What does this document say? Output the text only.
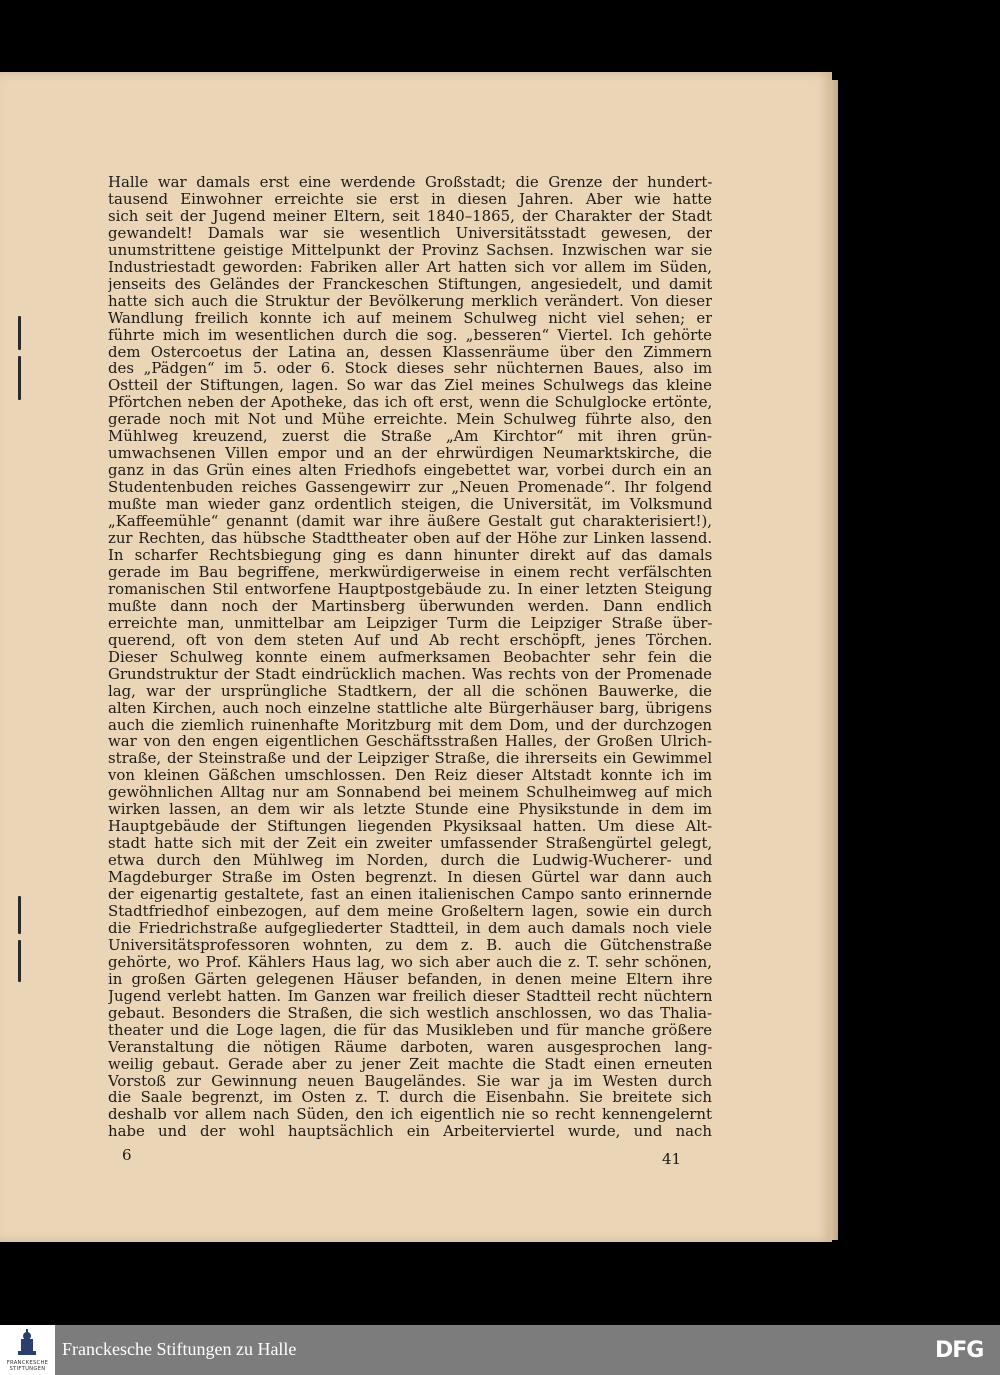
Halle war damals erst eine werdende Großstadt; die Grenze der hundert-
tausend Einwohner erreichte sie erst in diesen Jahren. Aber wie hatte
sich seit der Jugend meiner Eltern, seit 1840–1865, der Charakter der Stadt
gewandelt! Damals war sie wesentlich Universitätsstadt gewesen, der
unumstrittene geistige Mittelpunkt der Provinz Sachsen. Inzwischen war sie
Industriestadt geworden: Fabriken aller Art hatten sich vor allem im Süden,
jenseits des Geländes der Franckeschen Stiftungen, angesiedelt, und damit
hatte sich auch die Struktur der Bevölkerung merklich verändert. Von dieser
Wandlung freilich konnte ich auf meinem Schulweg nicht viel sehen; er
führte mich im wesentlichen durch die sog. „besseren“ Viertel. Ich gehörte
dem Ostercoetus der Latina an, dessen Klassenräume über den Zimmern
des „Pädgen“ im 5. oder 6. Stock dieses sehr nüchternen Baues, also im
Ostteil der Stiftungen, lagen. So war das Ziel meines Schulwegs das kleine
Pförtchen neben der Apotheke, das ich oft erst, wenn die Schulglocke ertönte,
gerade noch mit Not und Mühe erreichte. Mein Schulweg führte also, den
Mühlweg kreuzend, zuerst die Straße „Am Kirchtor“ mit ihren grün-
umwachsenen Villen empor und an der ehrwürdigen Neumarktskirche, die
ganz in das Grün eines alten Friedhofs eingebettet war, vorbei durch ein an
Studentenbuden reiches Gassengewirr zur „Neuen Promenade“. Ihr folgend
mußte man wieder ganz ordentlich steigen, die Universität, im Volksmund
„Kaffeemühle“ genannt (damit war ihre äußere Gestalt gut charakterisiert!),
zur Rechten, das hübsche Stadttheater oben auf der Höhe zur Linken lassend.
In scharfer Rechtsbiegung ging es dann hinunter direkt auf das damals
gerade im Bau begriffene, merkwürdigerweise in einem recht verfälschten
romanischen Stil entworfene Hauptpostgebäude zu. In einer letzten Steigung
mußte dann noch der Martinsberg überwunden werden. Dann endlich
erreichte man, unmittelbar am Leipziger Turm die Leipziger Straße über-
querend, oft von dem steten Auf und Ab recht erschöpft, jenes Törchen.
Dieser Schulweg konnte einem aufmerksamen Beobachter sehr fein die
Grundstruktur der Stadt eindrücklich machen. Was rechts von der Promenade
lag, war der ursprüngliche Stadtkern, der all die schönen Bauwerke, die
alten Kirchen, auch noch einzelne stattliche alte Bürgerhäuser barg, übrigens
auch die ziemlich ruinenhafte Moritzburg mit dem Dom, und der durchzogen
war von den engen eigentlichen Geschäftsstraßen Halles, der Großen Ulrich-
straße, der Steinstraße und der Leipziger Straße, die ihrerseits ein Gewimmel
von kleinen Gäßchen umschlossen. Den Reiz dieser Altstadt konnte ich im
gewöhnlichen Alltag nur am Sonnabend bei meinem Schulheimweg auf mich
wirken lassen, an dem wir als letzte Stunde eine Physikstunde in dem im
Hauptgebäude der Stiftungen liegenden Pkysiksaal hatten. Um diese Alt-
stadt hatte sich mit der Zeit ein zweiter umfassender Straßengürtel gelegt,
etwa durch den Mühlweg im Norden, durch die Ludwig-Wucherer- und
Magdeburger Straße im Osten begrenzt. In diesen Gürtel war dann auch
der eigenartig gestaltete, fast an einen italienischen Campo santo erinnernde
Stadtfriedhof einbezogen, auf dem meine Großeltern lagen, sowie ein durch
die Friedrichstraße aufgegliederter Stadtteil, in dem auch damals noch viele
Universitätsprofessoren wohnten, zu dem z. B. auch die Gütchenstraße
gehörte, wo Prof. Kählers Haus lag, wo sich aber auch die z. T. sehr schönen,
in großen Gärten gelegenen Häuser befanden, in denen meine Eltern ihre
Jugend verlebt hatten. Im Ganzen war freilich dieser Stadtteil recht nüchtern
gebaut. Besonders die Straßen, die sich westlich anschlossen, wo das Thalia-
theater und die Loge lagen, die für das Musikleben und für manche größere
Veranstaltung die nötigen Räume darboten, waren ausgesprochen lang-
weilig gebaut. Gerade aber zu jener Zeit machte die Stadt einen erneuten
Vorstoß zur Gewinnung neuen Baugeländes. Sie war ja im Westen durch
die Saale begrenzt, im Osten z. T. durch die Eisenbahn. Sie breitete sich
deshalb vor allem nach Süden, den ich eigentlich nie so recht kennengelernt
habe und der wohl hauptsächlich ein Arbeiterviertel wurde, und nach
6	41
FRANCKESCHE
STIFTUNGEN
Franckesche Stiftungen zu Halle	DFG
